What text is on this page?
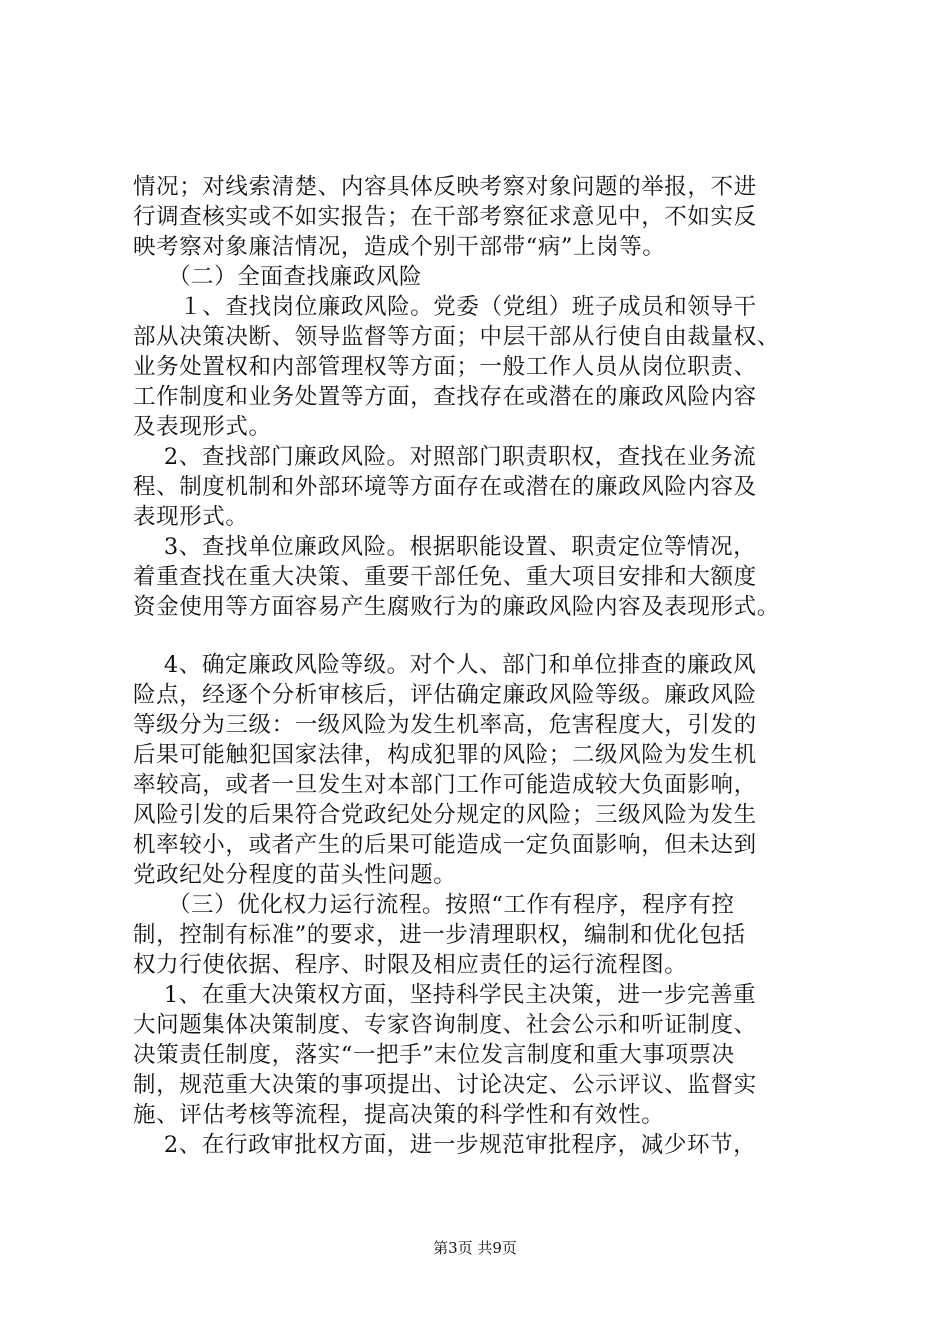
情况；对线索清楚、内容具体反映考察对象问题的举报，不进
行调查核实或不如实报告；在干部考察征求意见中，不如实反
映考察对象廉洁情况，造成个别干部带“病”上岗等。
　　（二）全面查找廉政风险
　　１、查找岗位廉政风险。党委（党组）班子成员和领导干
部从决策决断、领导监督等方面；中层干部从行使自由裁量权、
业务处置权和内部管理权等方面；一般工作人员从岗位职责、
工作制度和业务处置等方面，查找存在或潜在的廉政风险内容
及表现形式。
　 2、查找部门廉政风险。对照部门职责职权，查找在业务流
程、制度机制和外部环境等方面存在或潜在的廉政风险内容及
表现形式。
　 3、查找单位廉政风险。根据职能设置、职责定位等情况，
着重查找在重大决策、重要干部任免、重大项目安排和大额度
资金使用等方面容易产生腐败行为的廉政风险内容及表现形式。
　 4、确定廉政风险等级。对个人、部门和单位排查的廉政风
险点，经逐个分析审核后，评估确定廉政风险等级。廉政风险
等级分为三级：一级风险为发生机率高，危害程度大，引发的
后果可能触犯国家法律，构成犯罪的风险；二级风险为发生机
率较高，或者一旦发生对本部门工作可能造成较大负面影响，
风险引发的后果符合党政纪处分规定的风险；三级风险为发生
机率较小，或者产生的后果可能造成一定负面影响，但未达到
党政纪处分程度的苗头性问题。
　　（三）优化权力运行流程。按照“工作有程序，程序有控
制，控制有标准”的要求，进一步清理职权，编制和优化包括
权力行使依据、程序、时限及相应责任的运行流程图。
　 1、在重大决策权方面，坚持科学民主决策，进一步完善重
大问题集体决策制度、专家咨询制度、社会公示和听证制度、
决策责任制度，落实“一把手”末位发言制度和重大事项票决
制，规范重大决策的事项提出、讨论决定、公示评议、监督实
施、评估考核等流程，提高决策的科学性和有效性。
　 2、在行政审批权方面，进一步规范审批程序，减少环节，
第3页 共9页
